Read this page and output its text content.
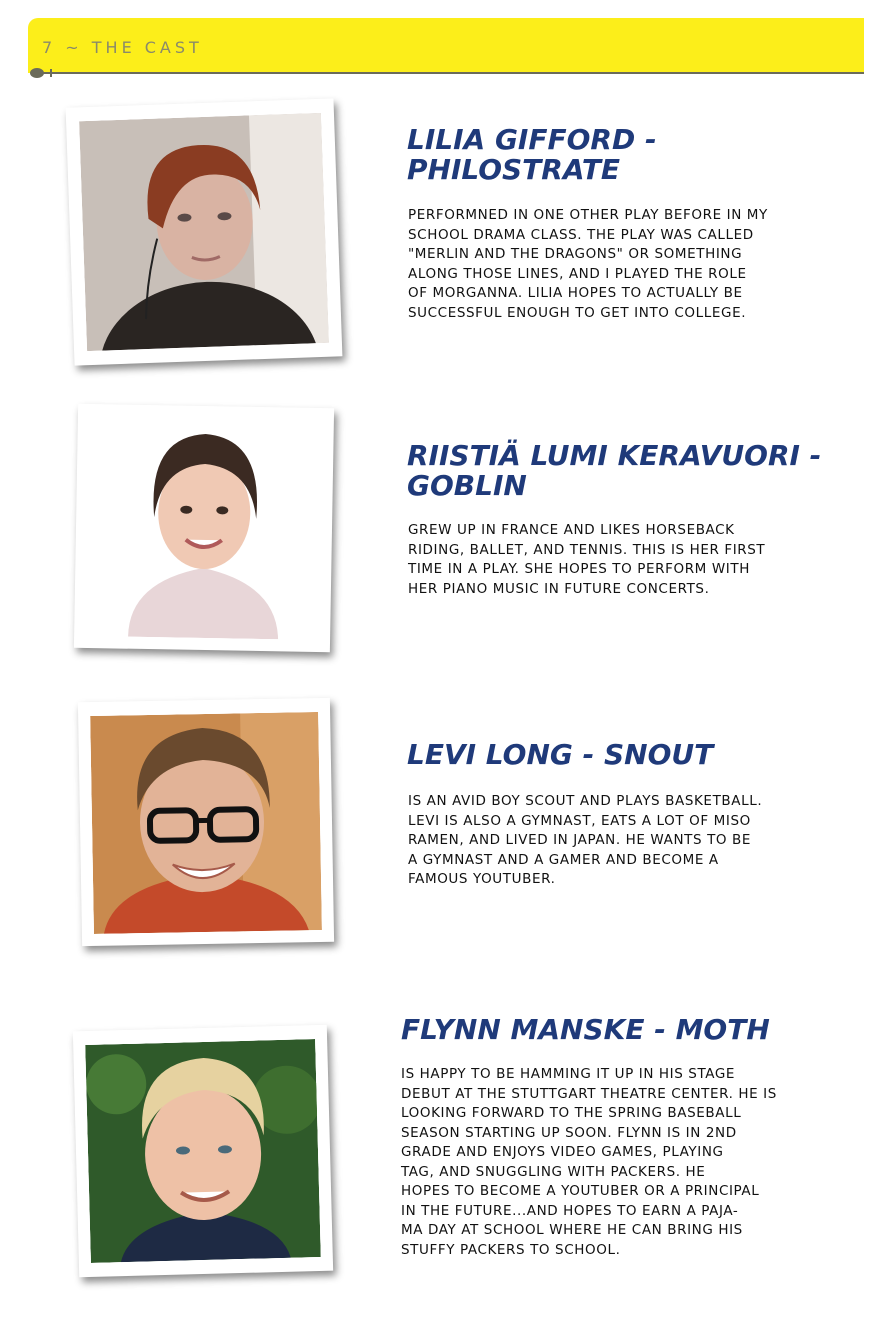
7 ~ THE CAST
LILIA GIFFORD -
PHILOSTRATE

PERFORMNED IN ONE OTHER PLAY BEFORE IN MY
SCHOOL DRAMA CLASS. THE PLAY WAS CALLED
"MERLIN AND THE DRAGONS" OR SOMETHING
ALONG THOSE LINES, AND I PLAYED THE ROLE
OF MORGANNA. LILIA HOPES TO ACTUALLY BE
SUCCESSFUL ENOUGH TO GET INTO COLLEGE.

RIISTIÄ LUMI KERAVUORI -
GOBLIN

GREW UP IN FRANCE AND LIKES HORSEBACK
RIDING, BALLET, AND TENNIS. THIS IS HER FIRST
TIME IN A PLAY. SHE HOPES TO PERFORM WITH
HER PIANO MUSIC IN FUTURE CONCERTS.

LEVI LONG - SNOUT

IS AN AVID BOY SCOUT AND PLAYS BASKETBALL.
LEVI IS ALSO A GYMNAST, EATS A LOT OF MISO
RAMEN, AND LIVED IN JAPAN. HE WANTS TO BE
A GYMNAST AND A GAMER AND BECOME A
FAMOUS YOUTUBER.

FLYNN MANSKE - MOTH

IS HAPPY TO BE HAMMING IT UP IN HIS STAGE
DEBUT AT THE STUTTGART THEATRE CENTER. HE IS
LOOKING FORWARD TO THE SPRING BASEBALL
SEASON STARTING UP SOON. FLYNN IS IN 2ND
GRADE AND ENJOYS VIDEO GAMES, PLAYING
TAG, AND SNUGGLING WITH PACKERS. HE
HOPES TO BECOME A YOUTUBER OR A PRINCIPAL
IN THE FUTURE...AND HOPES TO EARN A PAJA-
MA DAY AT SCHOOL WHERE HE CAN BRING HIS
STUFFY PACKERS TO SCHOOL.
